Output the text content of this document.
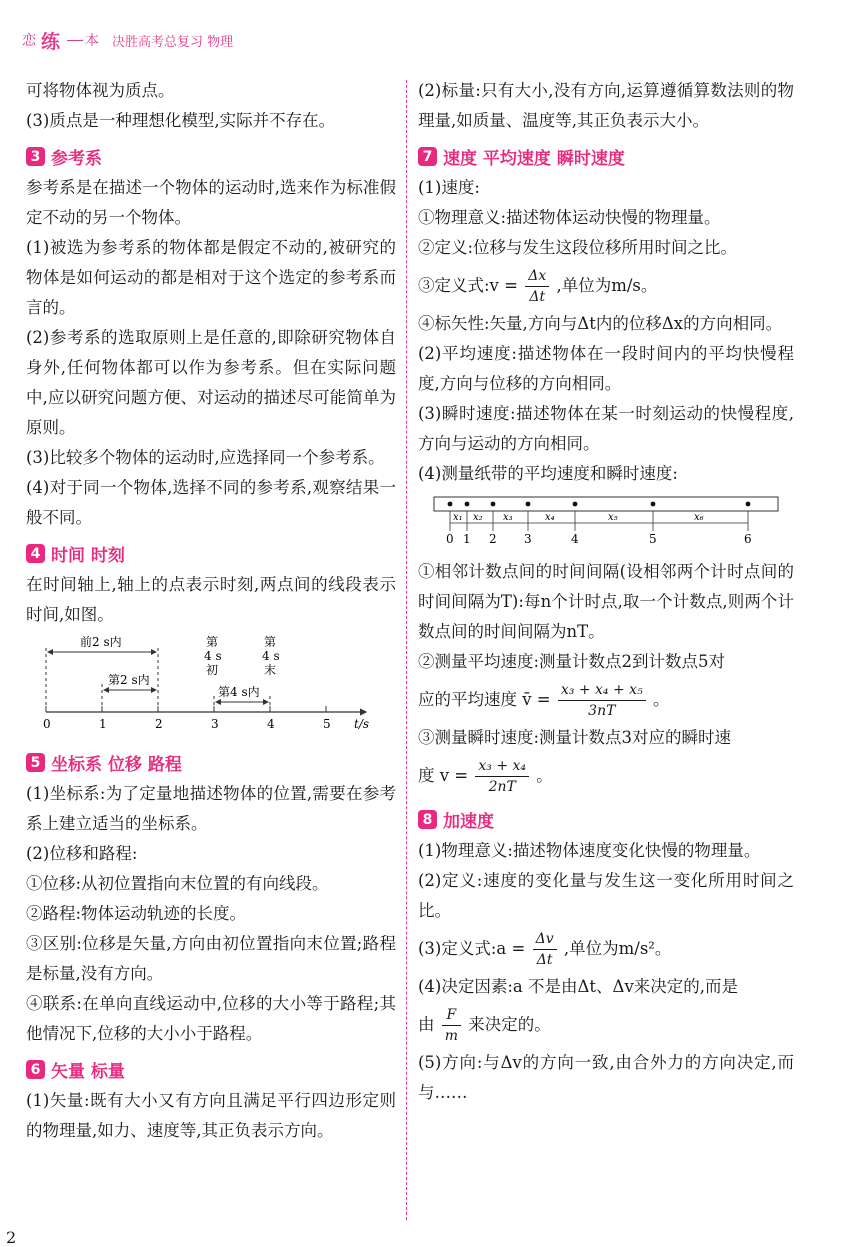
恋 练 本 决胜高考总复习 物理

可将物体视为质点。

(3)质点是一种理想化模型,实际并不存在。

3 参考系

参考系是在描述一个物体的运动时,选来作为标准假定不动的另一个物体。

(1)被选为参考系的物体都是假定不动的,被研究的物体是如何运动的都是相对于这个选定的参考系而言的。

(2)参考系的选取原则上是任意的,即除研究物体自身外,任何物体都可以作为参考系。但在实际问题中,应以研究问题方便、对运动的描述尽可能简单为原则。

(3)比较多个物体的运动时,应选择同一个参考系。

(4)对于同一个物体,选择不同的参考系,观察结果一般不同。

4 时间 时刻

在时间轴上,轴上的点表示时刻,两点间的线段表示时间,如图。

0	1	2	3	4	5 t/s
前2 s内
第2 s内
第4 s内
第
4 s
初
第
4 s
末
5 坐标系 位移 路程

(1)坐标系:为了定量地描述物体的位置,需要在参考系上建立适当的坐标系。

(2)位移和路程:

①位移:从初位置指向末位置的有向线段。

②路程:物体运动轨迹的长度。

③区别:位移是矢量,方向由初位置指向末位置;路程是标量,没有方向。

④联系:在单向直线运动中,位移的大小等于路程;其他情况下,位移的大小小于路程。

6 矢量 标量

(1)矢量:既有大小又有方向且满足平行四边形定则的物理量,如力、速度等,其正负表示方向。

(2)标量:只有大小,没有方向,运算遵循算数法则的物理量,如质量、温度等,其正负表示大小。

7 速度 平均速度 瞬时速度

(1)速度:

①物理意义:描述物体运动快慢的物理量。

②定义:位移与发生这段位移所用时间之比。

③定义式:v = $\frac{\Delta x}{\Delta t}$ ,单位为m/s。

④标矢性:矢量,方向与Δt内的位移Δx的方向相同。

(2)平均速度:描述物体在一段时间内的平均快慢程度,方向与位移的方向相同。

(3)瞬时速度:描述物体在某一时刻运动的快慢程度,方向与运动的方向相同。

(4)测量纸带的平均速度和瞬时速度:

x₁ x₂ x₃	x₄	x₅	x₆
0 1 2 3	4	5	6

①相邻计数点间的时间间隔(设相邻两个计时点间的时间间隔为T):每n个计时点,取一个计数点,则两个计数点间的时间间隔为nT。

②测量平均速度:测量计数点2到计数点5对

应的平均速度 v̄ = $\frac{\text{x₃ + x₄ + x₅}}{3nT}$ 。

③测量瞬时速度:测量计数点3对应的瞬时速

度 $v = \frac{\text{x₃ + x₄}}{2nT}$ 。

8 加速度

(1)物理意义:描述物体速度变化快慢的物理量。

(2)定义:速度的变化量与发生这一变化所用时间之比。

(3)定义式:a = $\frac{\Delta v}{\Delta t}$ ,单位为m/s²。

(4)决定因素:a 不是由Δt、Δv来决定的,而是

由 $\frac{F}{m}$ 来决定的。

(5)方向:与Δv的方向一致,由合外力的方向决定,而与……

2
